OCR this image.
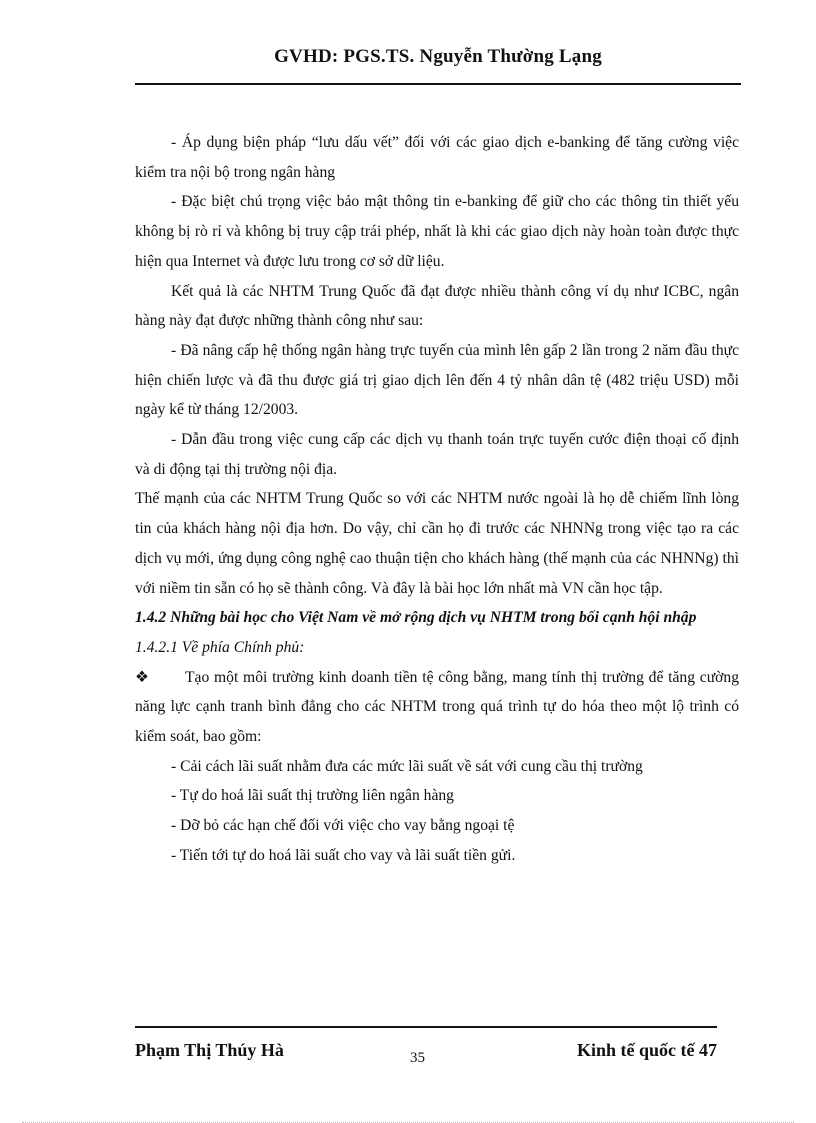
GVHD: PGS.TS. Nguyễn Thường Lạng

- Áp dụng biện pháp “lưu dấu vết” đối với các giao dịch e-banking để tăng cường việc kiểm tra nội bộ trong ngân hàng

- Đặc biệt chú trọng việc bảo mật thông tin e-banking để giữ cho các thông tin thiết yếu không bị rò rỉ và không bị truy cập trái phép, nhất là khi các giao dịch này hoàn toàn được thực hiện qua Internet và được lưu trong cơ sở dữ liệu.

Kết quả là các NHTM Trung Quốc đã đạt được nhiều thành công ví dụ như ICBC, ngân hàng này đạt được những thành công như sau:

- Đã nâng cấp hệ thống ngân hàng trực tuyến của mình lên gấp 2 lần trong 2 năm đầu thực hiện chiến lược và đã thu được giá trị giao dịch lên đến 4 tỷ nhân dân tệ (482 triệu USD) mỗi ngày kể từ tháng 12/2003.

- Dẫn đầu trong việc cung cấp các dịch vụ thanh toán trực tuyến cước điện thoại cố định và di động tại thị trường nội địa.

Thế mạnh của các NHTM Trung Quốc so với các NHTM nước ngoài là họ dễ chiếm lĩnh lòng tin của khách hàng nội địa hơn. Do vậy, chỉ cần họ đi trước các NHNNg trong việc tạo ra các dịch vụ mới, ứng dụng công nghệ cao thuận tiện cho khách hàng (thế mạnh của các NHNNg) thì với niềm tin sẵn có họ sẽ thành công. Và đây là bài học lớn nhất mà VN cần học tập.

1.4.2 Những bài học cho Việt Nam về mở rộng dịch vụ NHTM trong bối cạnh hội nhập

1.4.2.1 Về phía Chính phủ:

❖ Tạo một môi trường kinh doanh tiền tệ công bằng, mang tính thị trường để tăng cường năng lực cạnh tranh bình đẳng cho các NHTM trong quá trình tự do hóa theo một lộ trình có kiểm soát, bao gồm:

- Cải cách lãi suất nhằm đưa các mức lãi suất về sát với cung cầu thị trường

- Tự do hoá lãi suất thị trường liên ngân hàng

- Dỡ bỏ các hạn chế đối với việc cho vay bằng ngoại tệ

- Tiến tới tự do hoá lãi suất cho vay và lãi suất tiền gửi.

Phạm Thị Thúy Hà	35	Kinh tế quốc tế 47
